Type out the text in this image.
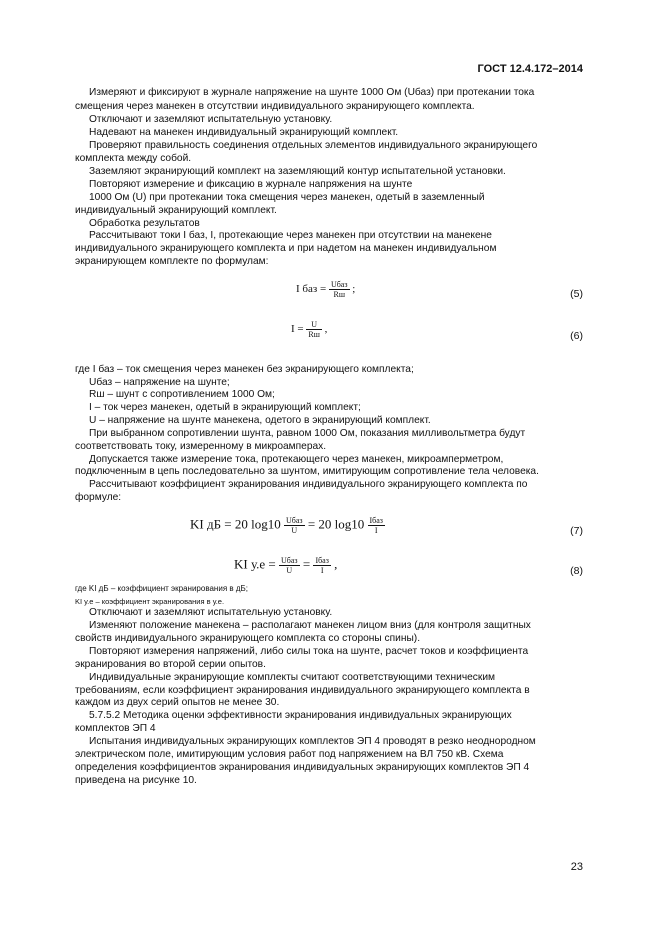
ГОСТ 12.4.172–2014
Измеряют и фиксируют в журнале напряжение на шунте 1000 Ом (Uбаз) при протекании тока
смещения через манекен в отсутствии индивидуального экранирующего комплекта.
Отключают и заземляют испытательную установку.
Надевают на манекен индивидуальный экранирующий комплект.
Проверяют правильность соединения отдельных элементов индивидуального экранирующего
комплекта между собой.
Заземляют экранирующий комплект на заземляющий контур испытательной установки.
Повторяют измерение и фиксацию в журнале напряжения на шунте
1000 Ом (U) при протекании тока смещения через манекен, одетый в заземленный
индивидуальный экранирующий комплект.
Обработка результатов
Рассчитывают токи I баз, I, протекающие через манекен при отсутствии на манекене
индивидуального экранирующего комплекта и при надетом на манекен индивидуальном
экранирующем комплекте по формулам:
I баз = $\frac{\text{Uбаз}}{Rш}$ ;	(5)
$I = \frac{U}{Rш}$ ,
(6)
где I баз – ток смещения через манекен без экранирующего комплекта;
Uбаз – напряжение на шунте;
Rш – шунт с сопротивлением 1000 Ом;
I – ток через манекен, одетый в экранирующий комплект;
U – напряжение на шунте манекена, одетого в экранирующий комплект.
При выбранном сопротивлении шунта, равном 1000 Ом, показания милливольтметра будут
соответствовать току, измеренному в микроамперах.
Допускается также измерение тока, протекающего через манекен, микроамперметром,
подключенным в цепь последовательно за шунтом, имитирующим сопротивление тела человека.
Рассчитывают коэффициент экранирования индивидуального экранирующего комплекта по
формуле:
KI дБ = 20 $\log 10 \frac{\text{Uбаз}}{U} = 20$ $\log 10 \frac{\text{Iбаз}}{I}$	(7)
KI $у.е = \frac{\text{Uбаз}}{U} = \frac{\text{Iбаз}}{I}$ ,	(8)
где KI дБ – коэффициент экранирования в дБ;
KI у.е – коэффициент экранирования в у.е.
Отключают и заземляют испытательную установку.
Изменяют положение манекена – располагают манекен лицом вниз (для контроля защитных
свойств индивидуального экранирующего комплекта со стороны спины).
Повторяют измерения напряжений, либо силы тока на шунте, расчет токов и коэффициента
экранирования во второй серии опытов.
Индивидуальные экранирующие комплекты считают соответствующими техническим
требованиям, если коэффициент экранирования индивидуального экранирующего комплекта в
каждом из двух серий опытов не менее 30.
5.7.5.2 Методика оценки эффективности экранирования индивидуальных экранирующих
комплектов ЭП 4
Испытания индивидуальных экранирующих комплектов ЭП 4 проводят в резко неоднородном
электрическом поле, имитирующим условия работ под напряжением на ВЛ 750 кВ. Схема
определения коэффициентов экранирования индивидуальных экранирующих комплектов ЭП 4
приведена на рисунке 10.
23
